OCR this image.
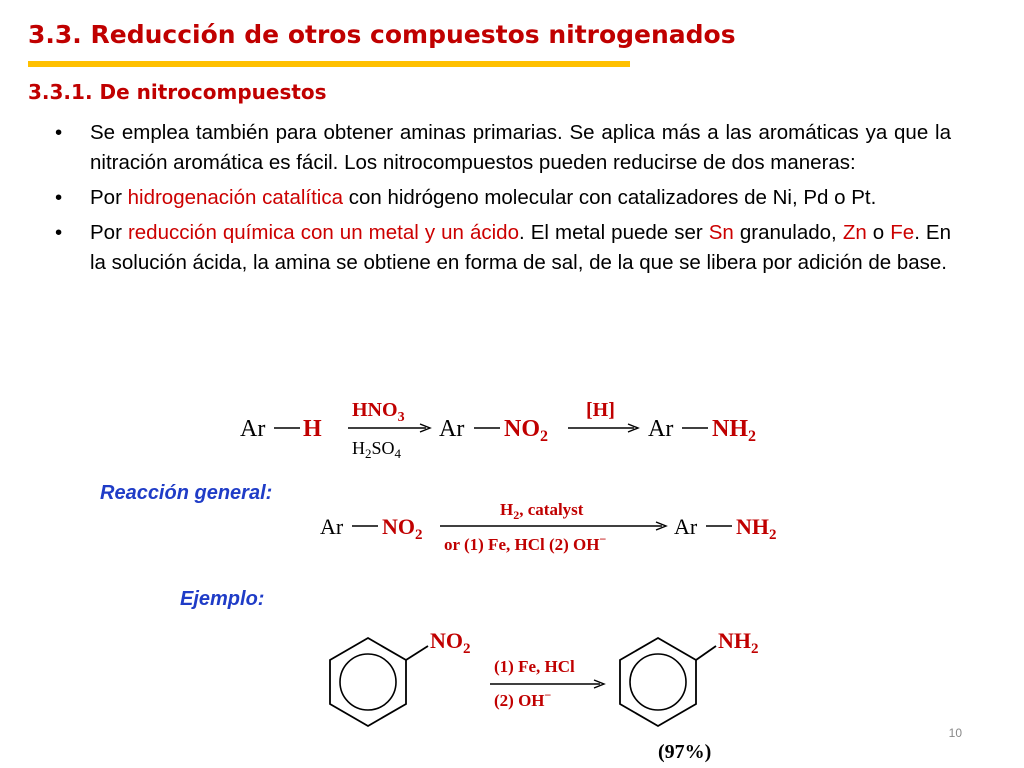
3.3. Reducción de otros compuestos nitrogenados
3.3.1. De nitrocompuestos
• Se emplea también para obtener aminas primarias. Se aplica más a las aromáticas ya que la nitración aromática es fácil. Los nitrocompuestos pueden reducirse de dos maneras:
• Por hidrogenación catalítica con hidrógeno molecular con catalizadores de Ni, Pd o Pt.
• Por reducción química con un metal y un ácido. El metal puede ser Sn granulado, Zn o Fe. En la solución ácida, la amina se obtiene en forma de sal, de la que se libera por adición de base.
Ar H
$HNO_3$
$H_2SO_4$
Ar $NO_2$
[H]
Ar $NH_2$
Reacción general:
Ar $NO_2$
$H_2$, catalyst
or (1) Fe, HCl (2) OH−	Ar $NH_2$
Ejemplo:
$NO_2$
(1) Fe, HCl
(2) OH−
$NH_2$
(97%)
10
